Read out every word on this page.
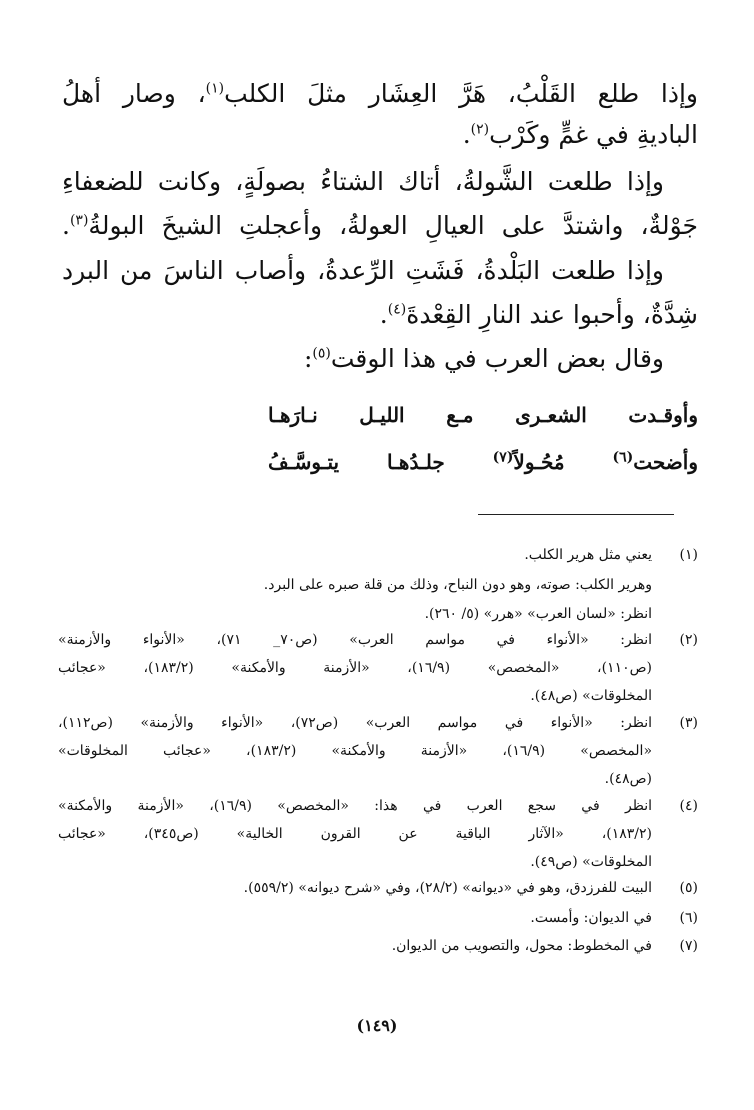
وإذا طلع القَلْبُ، هَرَّ العِشَار مثلَ الكلب$^{(١)}$، وصار أهلُ
الباديةِ في غمٍّ وكَرْب$^{(٢)}$.
وإذا طلعت الشَّولةُ، أتاك الشتاءُ بصولَةٍ، وكانت للضعفاءِ
جَوْلةٌ، واشتدَّ على العيالِ العولةُ، وأعجلتِ الشيخَ البولةُ$^{(٣)}$.
وإذا طلعت البَلْدةُ، فَشَتِ الرِّعدةُ، وأصاب الناسَ من البرد
شِدَّةٌ، وأحبوا عند النارِ القِعْدةَ$^{(٤)}$.
وقال بعض العرب في هذا الوقت$^{(٥)}$:
وأوقـدت الشعـرى مـع الليـل نـارَهـا
وأضحت$^{(٦)}$ مُحُـولاً$^{(٧)}$ جلـدُهـا يتـوسَّـفُ
(١)
يعني مثل هرير الكلب.
وهرير الكلب: صوته، وهو دون النباح، وذلك من قلة صبره على البرد.
انظر: «لسان العرب» «هرر» (٥/ ٢٦٠).
(٢)
انظر: «الأنواء في مواسم العرب» (ص٧٠_ ٧١)، «الأنواء والأزمنة»
(ص١١٠)، «المخصص» (١٦/٩)، «الأزمنة والأمكنة» (١٨٣/٢)، «عجائب
المخلوقات» (ص٤٨).
(٣)
انظر: «الأنواء في مواسم العرب» (ص٧٢)، «الأنواء والأزمنة» (ص١١٢)،
«المخصص» (١٦/٩)، «الأزمنة والأمكنة» (١٨٣/٢)، «عجائب المخلوقات»
(ص٤٨).
(٤)
انظر في سجع العرب في هذا: «المخصص» (١٦/٩)، «الأزمنة والأمكنة»
(١٨٣/٢)، «الآثار الباقية عن القرون الخالية» (ص٣٤٥)، «عجائب
المخلوقات» (ص٤٩).
(٥)
البيت للفرزدق، وهو في «ديوانه» (٢٨/٢)، وفي «شرح ديوانه» (٥٥٩/٢).
(٦)
في الديوان: وأمست.
(٧)
في المخطوط: محول، والتصويب من الديوان.
(١٤٩)
